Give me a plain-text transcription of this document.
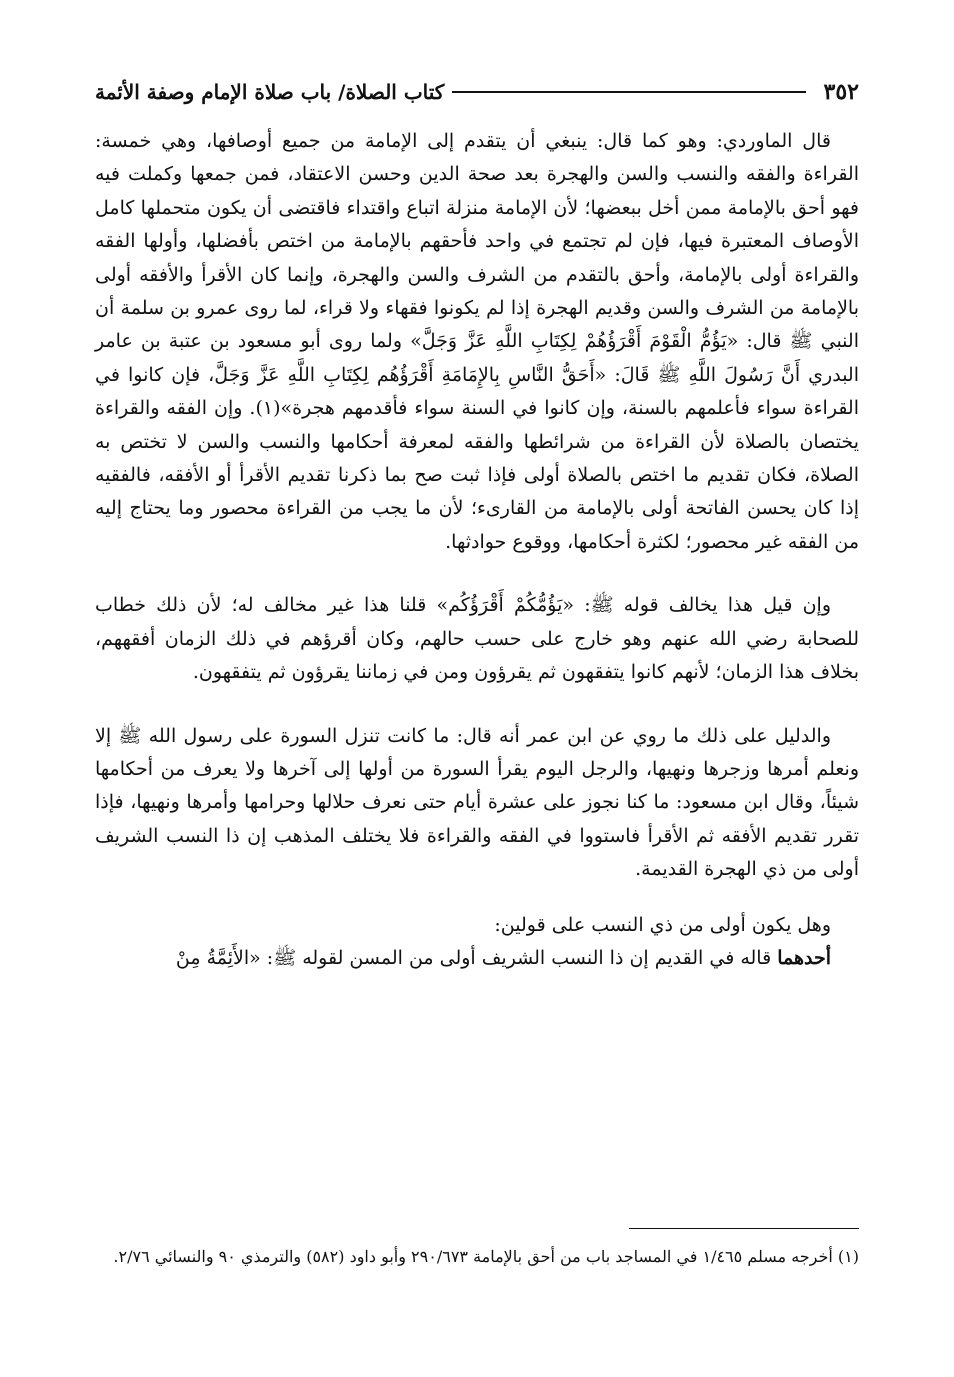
٣٥٢
كتاب الصلاة/ باب صلاة الإمام وصفة الأئمة

قال الماوردي: وهو كما قال: ينبغي أن يتقدم إلى الإمامة من جميع أوصافها، وهي خمسة: القراءة والفقه والنسب والسن والهجرة بعد صحة الدين وحسن الاعتقاد، فمن جمعها وكملت فيه فهو أحق بالإمامة ممن أخل ببعضها؛ لأن الإمامة منزلة اتباع واقتداء فاقتضى أن يكون متحملها كامل الأوصاف المعتبرة فيها، فإن لم تجتمع في واحد فأحقهم بالإمامة من اختص بأفضلها، وأولها الفقه والقراءة أولى بالإمامة، وأحق بالتقدم من الشرف والسن والهجرة، وإنما كان الأقرأ والأفقه أولى بالإمامة من الشرف والسن وقديم الهجرة إذا لم يكونوا فقهاء ولا قراء، لما روى عمرو بن سلمة أن النبي ﷺ قال: «يَؤُمُّ الْقَوْمَ أَقْرَؤُهُمْ لِكِتَابِ اللَّهِ عَزَّ وَجَلَّ» ولما روى أبو مسعود بن عتبة بن عامر البدري أَنَّ رَسُولَ اللَّهِ ﷺ قَالَ: «أَحَقُّ النَّاسِ بِالإِمَامَةِ أَقْرَؤُهُم لِكِتَابِ اللَّهِ عَزَّ وَجَلَّ، فإن كانوا في القراءة سواء فأعلمهم بالسنة، وإن كانوا في السنة سواء فأقدمهم هجرة»(١). وإن الفقه والقراءة يختصان بالصلاة لأن القراءة من شرائطها والفقه لمعرفة أحكامها والنسب والسن لا تختص به الصلاة، فكان تقديم ما اختص بالصلاة أولى فإذا ثبت صح بما ذكرنا تقديم الأقرأ أو الأفقه، فالفقيه إذا كان يحسن الفاتحة أولى بالإمامة من القارىء؛ لأن ما يجب من القراءة محصور وما يحتاج إليه من الفقه غير محصور؛ لكثرة أحكامها، ووقوع حوادثها.

وإن قيل هذا يخالف قوله ﷺ: «يَؤُمُّكُمْ أَقْرَؤُكُم» قلنا هذا غير مخالف له؛ لأن ذلك خطاب للصحابة رضي الله عنهم وهو خارج على حسب حالهم، وكان أقرؤهم في ذلك الزمان أفقههم، بخلاف هذا الزمان؛ لأنهم كانوا يتفقهون ثم يقرؤون ومن في زماننا يقرؤون ثم يتفقهون.

والدليل على ذلك ما روي عن ابن عمر أنه قال: ما كانت تنزل السورة على رسول الله ﷺ إلا ونعلم أمرها وزجرها ونهيها، والرجل اليوم يقرأ السورة من أولها إلى آخرها ولا يعرف من أحكامها شيئاً، وقال ابن مسعود: ما كنا نجوز على عشرة أيام حتى نعرف حلالها وحرامها وأمرها ونهيها، فإذا تقرر تقديم الأفقه ثم الأقرأ فاستووا في الفقه والقراءة فلا يختلف المذهب إن ذا النسب الشريف أولى من ذي الهجرة القديمة.

وهل يكون أولى من ذي النسب على قولين:

أحدهما قاله في القديم إن ذا النسب الشريف أولى من المسن لقوله ﷺ: «الأَئِمَّةُ مِنْ

(١) أخرجه مسلم ١/٤٦٥ في المساجد باب من أحق بالإمامة ٢٩٠/٦٧٣ وأبو داود (٥٨٢) والترمذي ٩٠ والنسائي ٢/٧٦.
